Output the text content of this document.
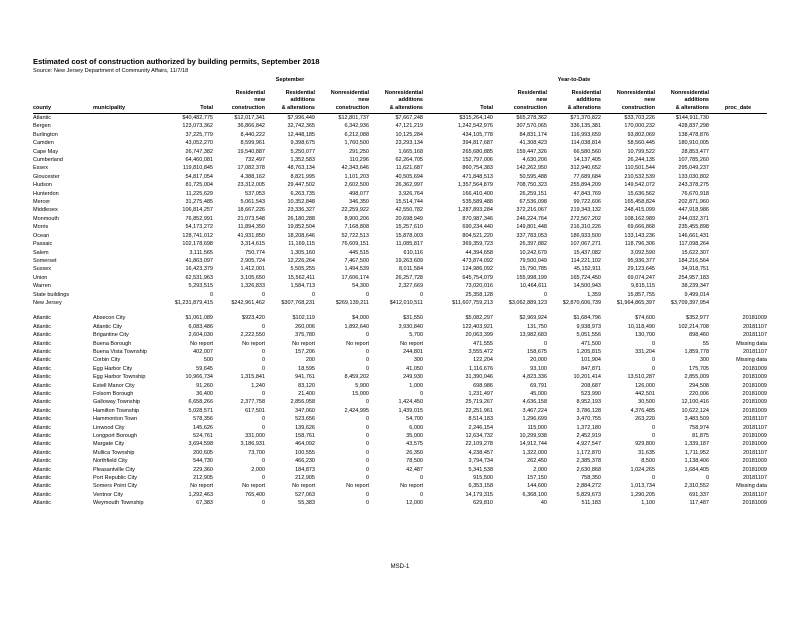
Estimated cost of construction authorized by building permits, September 2018
Source: New Jersey Department of Community Affairs, 11/7/18
				September					Year-to-Date			
county	municipality	Total	Residential
new
construction	Residential
additions
& alterations	Nonresidential
new
construction	Nonresidential
additions
& alterations	Total	Residential
new
construction	Residential
additions
& alterations	Nonresidential
new
construction	Nonresidential
additions
& alterations	proc_date
Atlantic		$40,482,775	$12,017,341	$7,996,449	$12,801,737	$7,667,248	$315,264,140	$65,278,362	$71,370,822	$33,703,226	$144,911,730	
Bergen		123,073,362	36,866,842	32,742,365	6,342,936	47,121,219	1,242,542,976	307,570,065	336,135,381	170,000,232	428,837,298	
Burlington		37,225,779	8,440,222	12,448,185	6,212,088	10,125,284	434,105,778	84,831,174	116,993,659	93,802,069	138,478,876	
Camden		43,052,270	8,599,961	9,398,675	1,760,500	23,293,134	394,817,687	41,308,423	114,038,814	58,560,445	180,910,005	
Cape May		26,747,382	19,540,887	5,250,077	291,250	1,665,168	265,680,885	159,447,326	66,580,560	10,799,522	28,853,477	
Cumberland		64,460,081	732,497	1,352,583	110,296	62,264,705	152,797,006	4,630,206	14,137,405	26,244,135	107,785,260	
Essex		119,810,845	17,082,378	48,763,134	42,343,646	11,621,687	860,754,383	142,262,950	312,940,652	110,501,544	295,049,237	
Gloucester		54,817,054	4,388,162	8,821,995	1,101,203	40,505,694	471,848,513	50,595,488	77,689,684	210,532,539	133,030,802	
Hudson		81,725,004	23,312,005	29,447,502	2,602,500	26,362,997	1,357,564,879	708,750,323	255,894,209	149,542,072	243,378,275	
Hunterdon		11,225,629	537,053	6,263,735	498,077	3,926,764	166,410,400	26,259,151	47,843,769	15,636,562	76,670,918	
Mercer		31,275,485	5,061,543	10,352,848	346,350	15,514,744	535,589,488	67,536,098	99,722,606	165,458,824	202,871,960	
Middlesex		106,814,257	18,667,226	23,336,327	22,259,922	42,550,782	1,287,893,284	372,216,067	219,343,132	248,415,099	447,918,986	
Monmouth		76,852,991	21,073,548	26,180,288	8,900,206	20,698,949	870,987,346	246,224,764	272,567,202	108,162,989	244,032,371	
Morris		54,173,272	11,894,350	19,852,504	7,168,808	15,257,610	690,234,440	149,801,448	216,310,226	69,666,868	235,455,898	
Ocean		128,741,012	41,931,850	18,208,646	52,722,513	15,878,003	804,521,220	337,783,053	186,933,500	133,143,236	146,661,431	
Passaic		102,178,698	3,314,615	11,169,115	76,609,151	11,085,817	369,359,723	26,397,882	107,067,271	118,796,306	117,098,264	
Salem		3,111,565	750,774	1,305,160	445,515	610,116	44,394,658	10,242,679	15,437,082	3,092,590	15,622,307	
Somerset		41,863,097	2,905,724	12,226,264	7,467,500	19,263,609	473,874,092	79,500,049	114,221,102	95,936,377	184,216,564	
Sussex		16,423,379	1,412,001	5,505,255	1,494,539	8,011,584	124,986,092	15,790,785	45,152,911	29,123,645	34,918,751	
Union		62,531,963	3,105,650	15,562,411	17,606,174	26,257,728	645,754,079	155,998,199	165,724,450	69,074,247	254,957,183	
Warren		5,293,515	1,326,833	1,584,713	54,300	2,327,669	73,020,016	10,464,611	14,500,943	9,815,115	38,239,347	
State buildings		0	0	0	0	0	25,358,128	0	1,359	15,857,755	9,499,014	
New Jersey		$1,231,879,415	$242,961,462	$307,768,231	$269,139,211	$412,010,511	$11,607,759,213	$3,062,889,123	$2,870,606,739	$1,964,865,397	$3,709,397,954	

Atlantic	Absecon City	$1,061,089	$923,420	$102,119	$4,000	$31,550	$5,082,297	$2,969,924	$1,684,796	$74,600	$352,977	20181009
Atlantic	Atlantic City	6,083,486	0	260,006	1,892,640	3,930,840	122,403,921	131,750	9,938,973	10,118,490	102,214,708	20181107
Atlantic	Brigantine City	2,604,030	2,222,550	375,780	0	5,700	20,063,399	13,982,683	5,051,556	130,700	898,460	20181107
Atlantic	Buena Borough	No report	No report	No report	No report	No report	471,555	0	471,500	0	55	Missing data
Atlantic	Buena Vista Township	402,007	0	157,206	0	244,801	3,555,472	158,675	1,205,815	331,204	1,859,778	20181107
Atlantic	Corbin City	500	0	200	0	300	122,204	20,000	101,904	0	300	Missing data
Atlantic	Egg Harbor City	59,645	0	18,595	0	41,050	1,116,676	93,100	847,871	0	175,705	20181009
Atlantic	Egg Harbor Township	10,966,734	1,315,841	941,761	8,459,202	249,930	31,390,046	4,823,336	10,201,414	13,510,287	2,855,009	20181009
Atlantic	Estell Manor City	91,260	1,240	83,120	5,900	1,000	698,986	69,791	208,687	126,000	294,508	20181009
Atlantic	Folsom Borough	36,400	0	21,400	15,000	0	1,231,497	45,000	523,990	442,501	220,006	20181009
Atlantic	Galloway Township	6,658,266	2,377,758	2,856,058	0	1,424,450	25,719,267	4,636,158	8,952,193	30,500	12,100,416	20181009
Atlantic	Hamilton Township	5,028,571	617,501	347,060	2,424,995	1,439,015	22,251,961	3,467,224	3,786,128	4,376,485	10,622,124	20181009
Atlantic	Hammonton Town	578,356	0	523,656	0	54,700	8,514,183	1,296,699	3,470,755	263,220	3,483,509	20181107
Atlantic	Linwood City	145,626	0	139,626	0	6,000	2,246,154	115,000	1,372,180	0	758,974	20181107
Atlantic	Longport Borough	524,761	331,000	158,761	0	35,000	12,634,732	10,299,938	2,452,919	0	81,875	20181009
Atlantic	Margate City	3,694,598	3,186,931	464,092	0	43,575	22,109,278	14,912,744	4,927,547	929,800	1,339,187	20181009
Atlantic	Mullica Township	200,605	73,700	100,555	0	26,350	4,238,457	1,322,000	1,172,870	31,635	1,711,952	20181107
Atlantic	Northfield City	544,730	0	466,230	0	78,500	3,794,734	262,450	2,385,378	8,500	1,138,406	20181009
Atlantic	Pleasantville City	229,360	2,000	184,873	0	42,487	5,341,538	2,000	2,630,868	1,024,265	1,684,405	20181009
Atlantic	Port Republic City	212,905	0	212,905	0	0	915,500	157,150	758,350	0	0	20181107
Atlantic	Somers Point City	No report	No report	No report	No report	No report	6,353,158	144,600	2,884,272	1,013,734	2,310,552	Missing data
Atlantic	Ventnor City	1,292,463	765,400	527,063	0	0	14,179,315	6,368,100	5,829,673	1,290,205	691,337	20181107
Atlantic	Weymouth Township	67,383	0	55,383	0	12,000	629,810	40	511,183	1,100	117,487	20181009
MSD-1
